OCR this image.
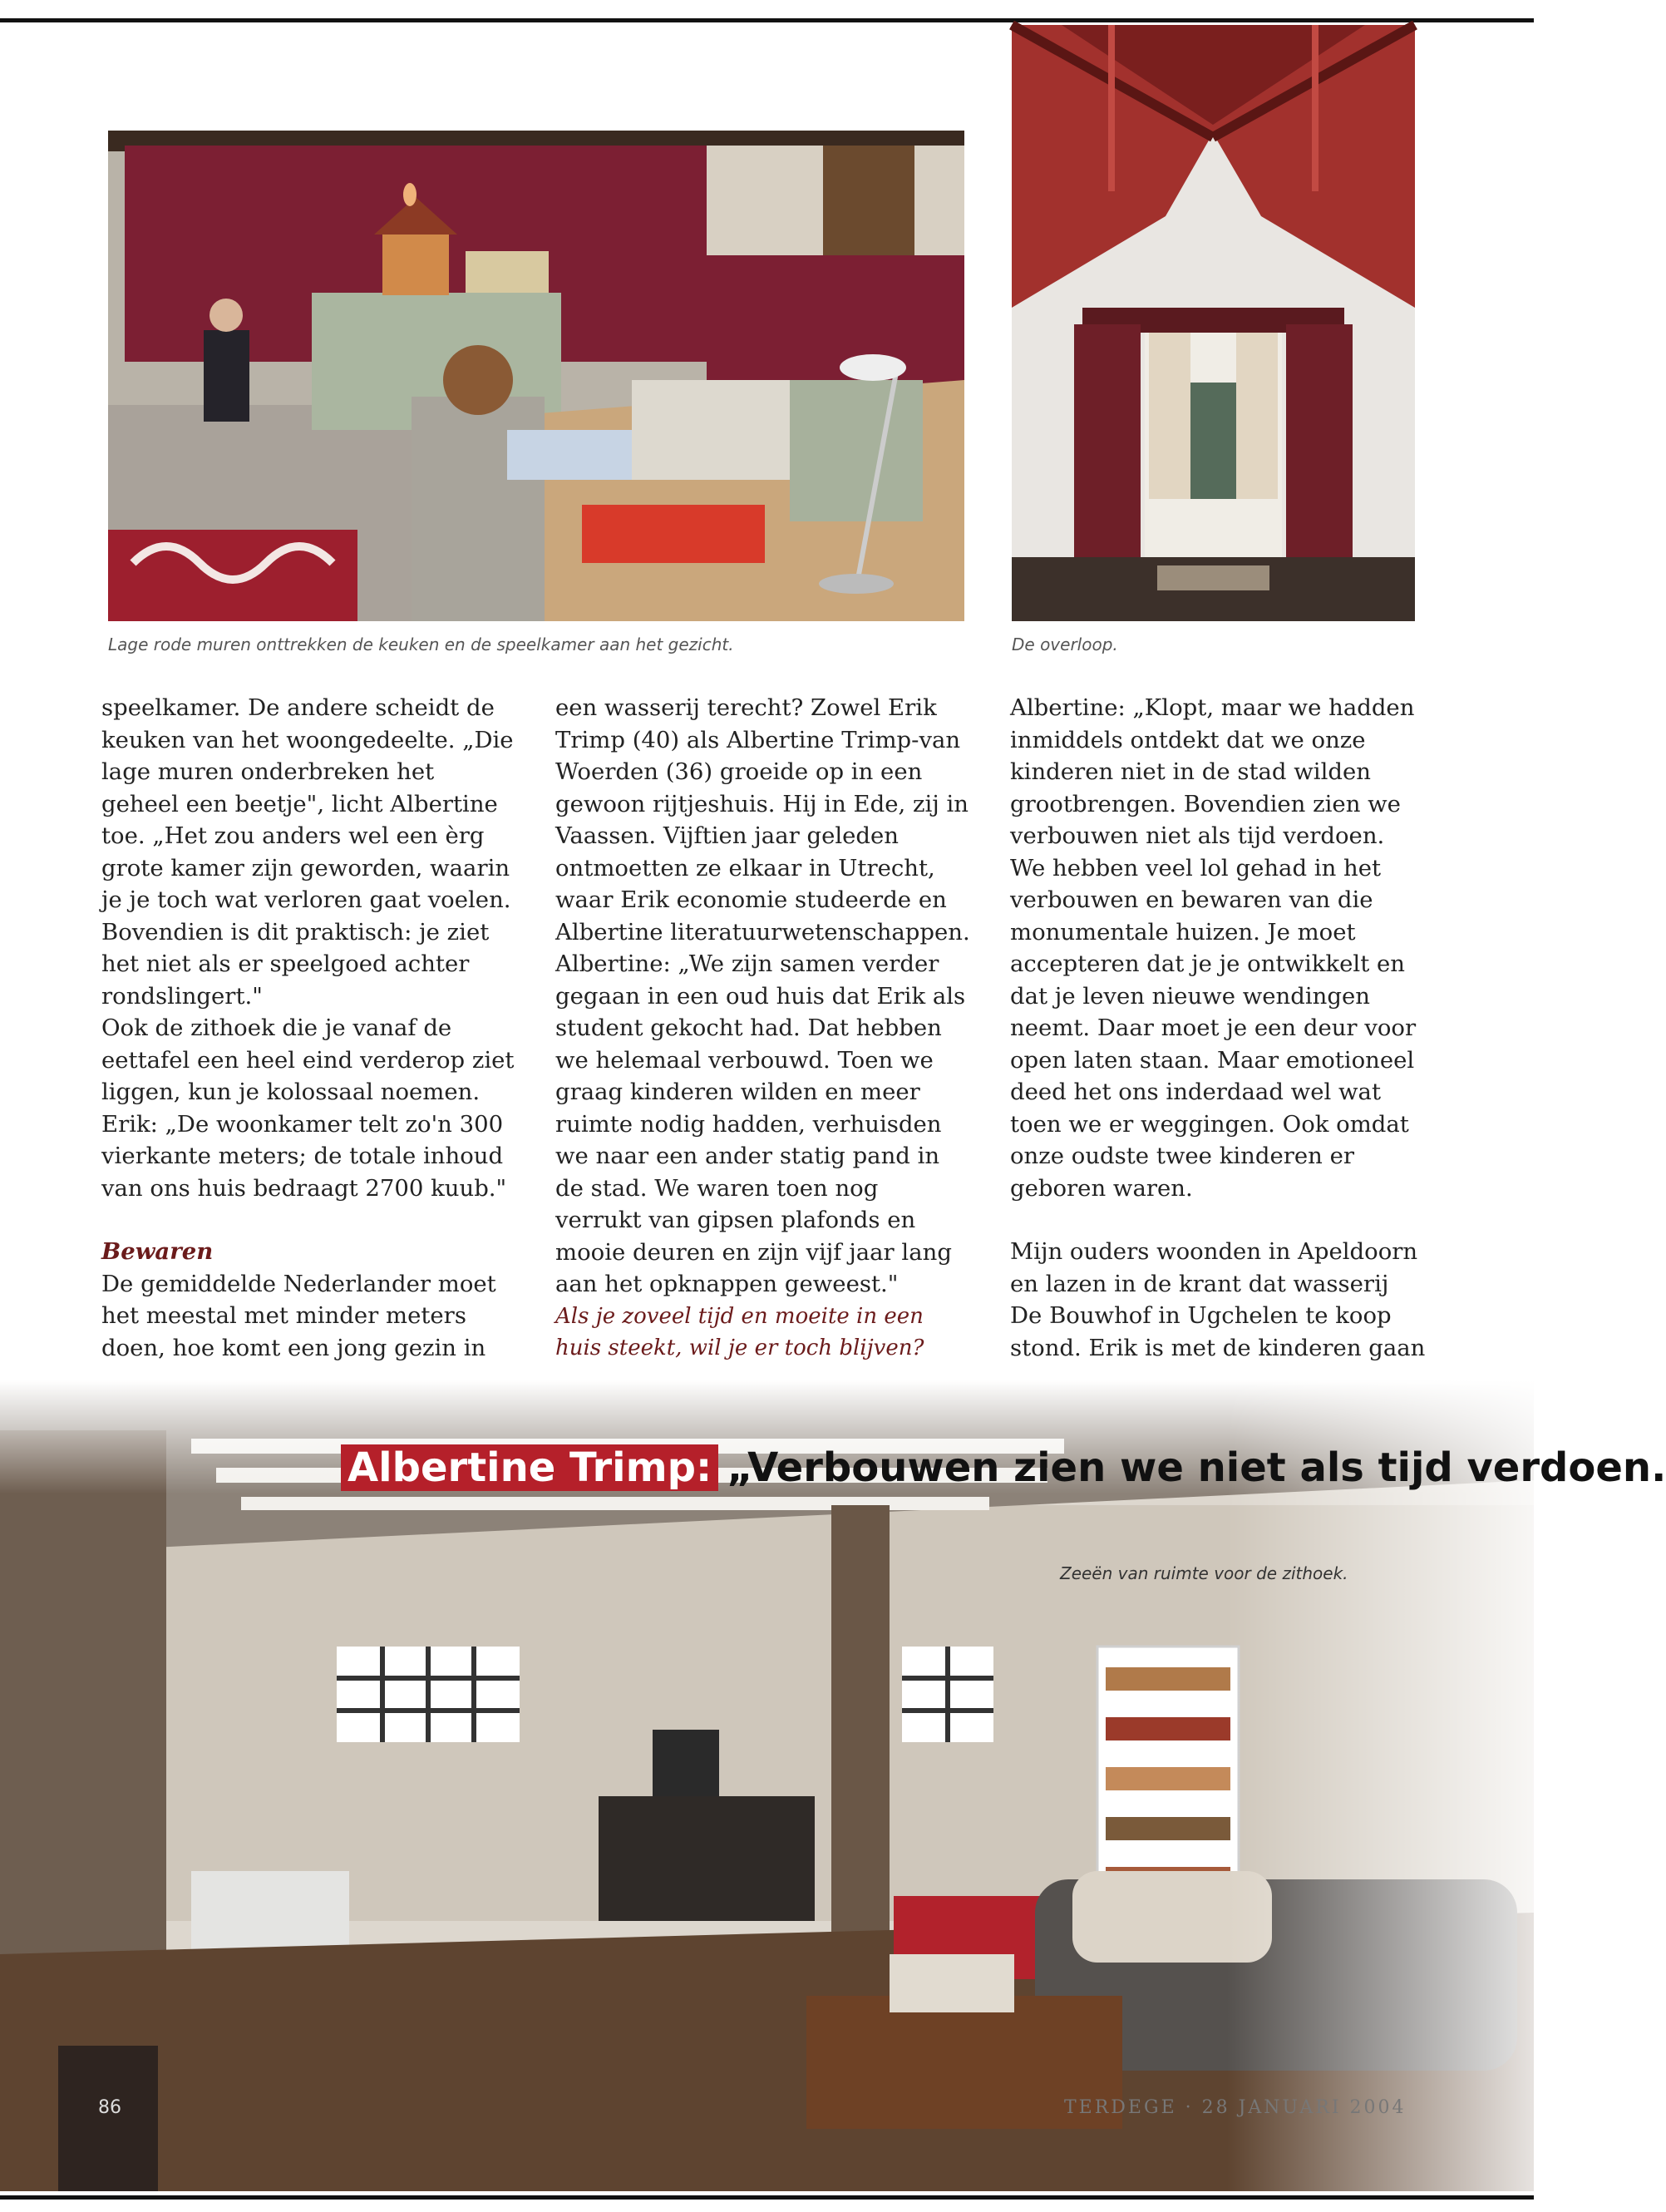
Lage rode muren onttrekken de keuken en de speelkamer aan het gezicht.	De overloop.

speelkamer. De andere scheidt de keuken van het woongedeelte. „Die lage muren onderbreken het geheel een beetje", licht Albertine toe. „Het zou anders wel een èrg grote kamer zijn geworden, waarin je je toch wat verloren gaat voelen. Bovendien is dit praktisch: je ziet het niet als er speelgoed achter rondslingert."

Ook de zithoek die je vanaf de eettafel een heel eind verderop ziet liggen, kun je kolossaal noemen. Erik: „De woonkamer telt zo'n 300 vierkante meters; de totale inhoud van ons huis bedraagt 2700 kuub."

Bewaren

De gemiddelde Nederlander moet het meestal met minder meters doen, hoe komt een jong gezin in

een wasserij terecht? Zowel Erik Trimp (40) als Albertine Trimp-van Woerden (36) groeide op in een gewoon rijtjeshuis. Hij in Ede, zij in Vaassen. Vijftien jaar geleden ontmoetten ze elkaar in Utrecht, waar Erik economie studeerde en Albertine literatuurwetenschappen.

Albertine: „We zijn samen verder gegaan in een oud huis dat Erik als student gekocht had. Dat hebben we helemaal verbouwd. Toen we graag kinderen wilden en meer ruimte nodig hadden, verhuisden we naar een ander statig pand in de stad. We waren toen nog verrukt van gipsen plafonds en mooie deuren en zijn vijf jaar lang aan het opknappen geweest."

Als je zoveel tijd en moeite in een huis steekt, wil je er toch blijven?

Albertine: „Klopt, maar we hadden inmiddels ontdekt dat we onze kinderen niet in de stad wilden grootbrengen. Bovendien zien we verbouwen niet als tijd verdoen. We hebben veel lol gehad in het verbouwen en bewaren van die monumentale huizen. Je moet accepteren dat je je ontwikkelt en dat je leven nieuwe wendingen neemt. Daar moet je een deur voor open laten staan. Maar emotioneel deed het ons inderdaad wel wat toen we er weggingen. Ook omdat onze oudste twee kinderen er geboren waren.

Mijn ouders woonden in Apeldoorn en lazen in de krant dat wasserij De Bouwhof in Ugchelen te koop stond. Erik is met de kinderen gaan

Zeeën van ruimte voor de zithoek.
Albertine Trimp: „Verbouwen zien we niet als tijd verdoen.
86	TERDEGE · 28 JANUARI 2004
